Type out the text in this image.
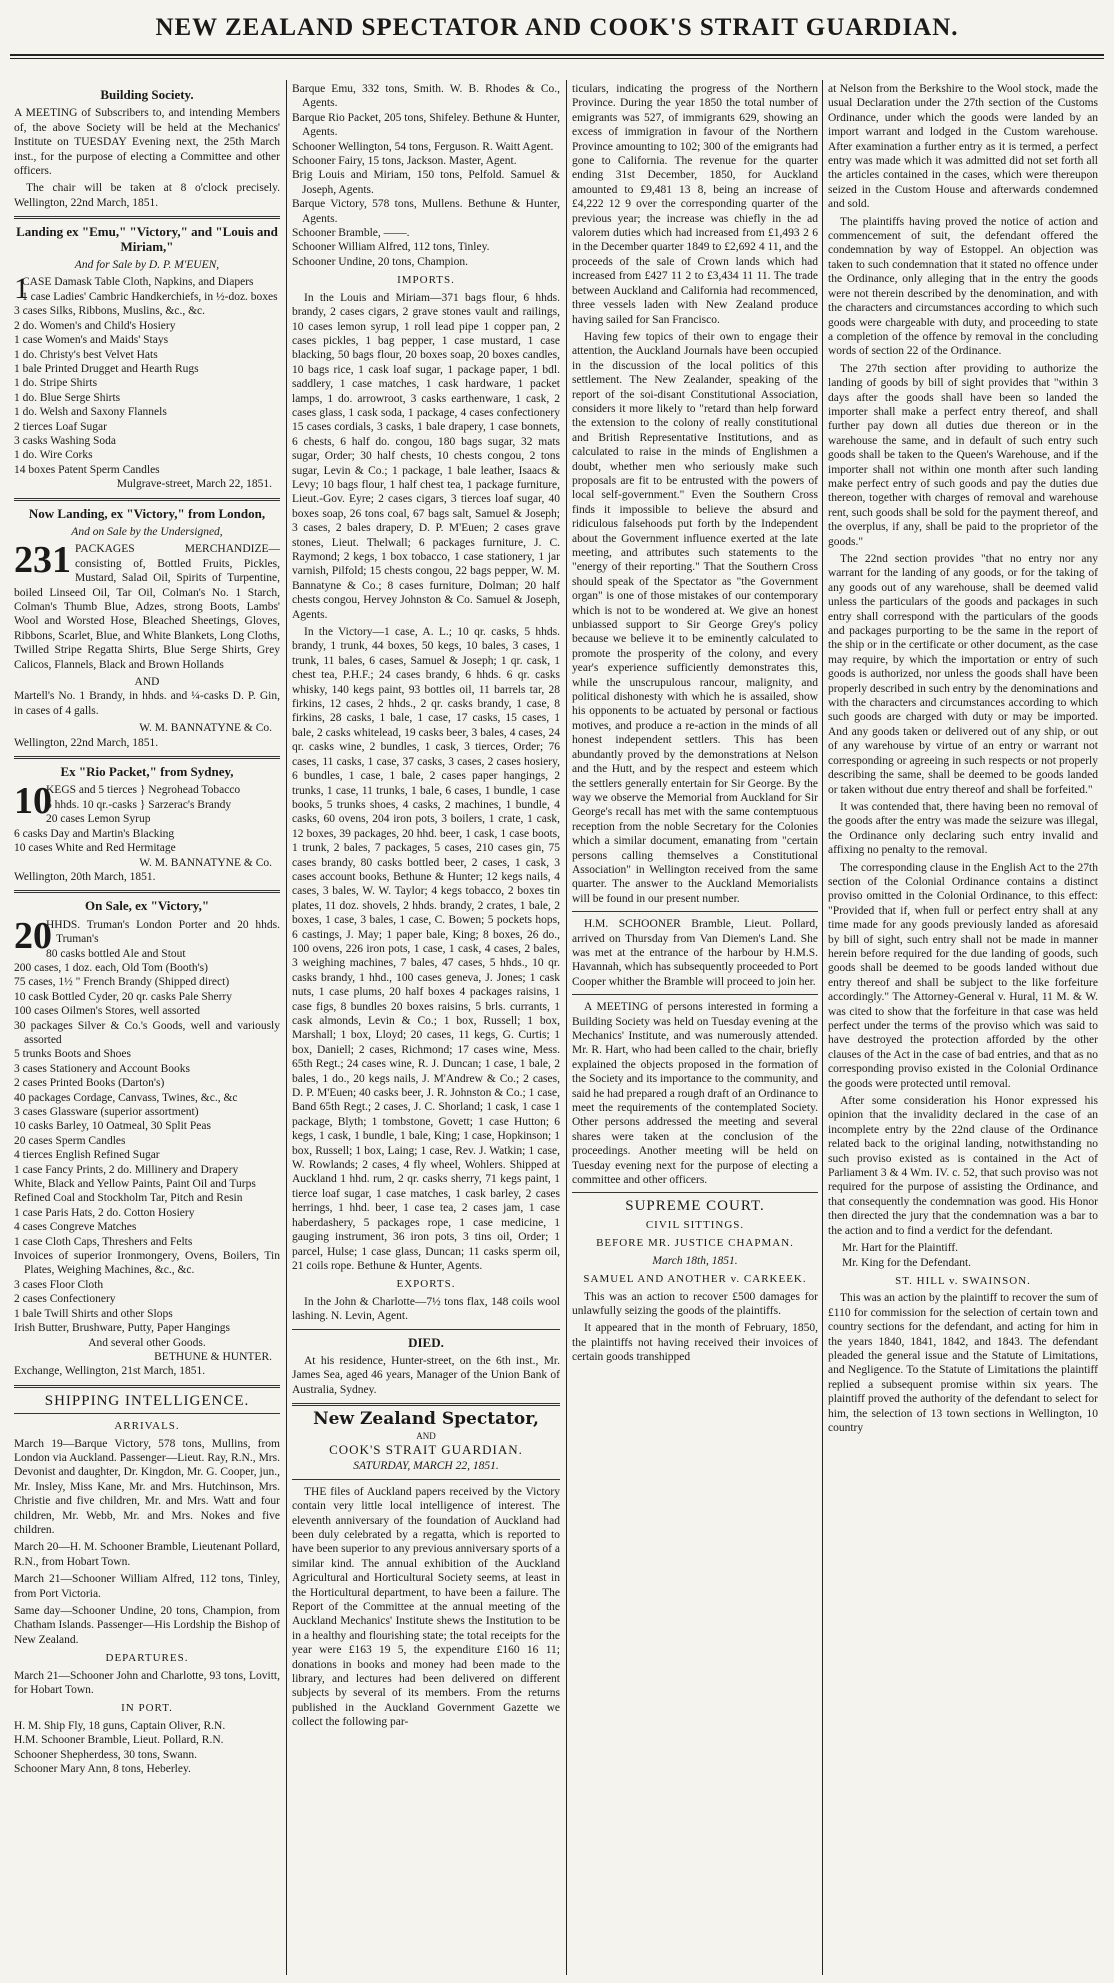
NEW ZEALAND SPECTATOR AND COOK'S STRAIT GUARDIAN.
Building Society.

A MEETING of Subscribers to, and intending Members of, the above Society will be held at the Mechanics' Institute on TUESDAY Evening next, the 25th March inst., for the purpose of electing a Committee and other officers.

The chair will be taken at 8 o'clock precisely. Wellington, 22nd March, 1851.

Landing ex "Emu," "Victory," and "Louis and Miriam,"
And for Sale by D. P. M'EUEN,
1
CASE Damask Table Cloth, Napkins, and Diapers
1 case Ladies' Cambric Handkerchiefs, in ½-doz. boxes
3 cases Silks, Ribbons, Muslins, &c., &c.
2 do. Women's and Child's Hosiery
1 case Women's and Maids' Stays
1 do. Christy's best Velvet Hats
1 bale Printed Drugget and Hearth Rugs
1 do. Stripe Shirts
1 do. Blue Serge Shirts
1 do. Welsh and Saxony Flannels
2 tierces Loaf Sugar
3 casks Washing Soda
1 do. Wire Corks
14 boxes Patent Sperm Candles
Mulgrave-street, March 22, 1851.
Now Landing, ex "Victory," from London,
And on Sale by the Undersigned,

231 PACKAGES MERCHANDIZE— consisting of, Bottled Fruits, Pickles, Mustard, Salad Oil, Spirits of Turpentine, boiled Linseed Oil, Tar Oil, Colman's No. 1 Starch, Colman's Thumb Blue, Adzes, strong Boots, Lambs' Wool and Worsted Hose, Bleached Sheetings, Gloves, Ribbons, Scarlet, Blue, and White Blankets, Long Cloths, Twilled Stripe Regatta Shirts, Blue Serge Shirts, Grey Calicos, Flannels, Black and Brown Hollands

AND

Martell's No. 1 Brandy, in hhds. and ¼-casks D. P. Gin, in cases of 4 galls.

W. M. BANNATYNE & Co.
Wellington, 22nd March, 1851.
Ex "Rio Packet," from Sydney,
10
KEGS and 5 tierces } Negrohead Tobacco
5 hhds. 10 qr.-casks } Sarzerac's Brandy
20 cases Lemon Syrup
6 casks Day and Martin's Blacking
10 cases White and Red Hermitage
W. M. BANNATYNE & Co.
Wellington, 20th March, 1851.
On Sale, ex "Victory,"
20
HHDS. Truman's London Porter and 20 hhds. Truman's
80 casks bottled Ale and Stout
200 cases, 1 doz. each, Old Tom (Booth's)
75 cases, 1½ " French Brandy (Shipped direct)
10 cask Bottled Cyder, 20 qr. casks Pale Sherry
100 cases Oilmen's Stores, well assorted
30 packages Silver & Co.'s Goods, well and variously assorted
5 trunks Boots and Shoes
3 cases Stationery and Account Books
2 cases Printed Books (Darton's)
40 packages Cordage, Canvass, Twines, &c., &c
3 cases Glassware (superior assortment)
10 casks Barley, 10 Oatmeal, 30 Split Peas
20 cases Sperm Candles
4 tierces English Refined Sugar
1 case Fancy Prints, 2 do. Millinery and Drapery
White, Black and Yellow Paints, Paint Oil and Turps
Refined Coal and Stockholm Tar, Pitch and Resin
1 case Paris Hats, 2 do. Cotton Hosiery
4 cases Congreve Matches
1 case Cloth Caps, Threshers and Felts
Invoices of superior Ironmongery, Ovens, Boilers, Tin Plates, Weighing Machines, &c., &c.
3 cases Floor Cloth
2 cases Confectionery
1 bale Twill Shirts and other Slops
Irish Butter, Brushware, Putty, Paper Hangings
And several other Goods.
BETHUNE & HUNTER.
Exchange, Wellington, 21st March, 1851.
SHIPPING INTELLIGENCE.
ARRIVALS.

March 19—Barque Victory, 578 tons, Mullins, from London via Auckland. Passenger—Lieut. Ray, R.N., Mrs. Devonist and daughter, Dr. Kingdon, Mr. G. Cooper, jun., Mr. Insley, Miss Kane, Mr. and Mrs. Hutchinson, Mrs. Christie and five children, Mr. and Mrs. Watt and four children, Mr. Webb, Mr. and Mrs. Nokes and five children.

March 20—H. M. Schooner Bramble, Lieutenant Pollard, R.N., from Hobart Town.

March 21—Schooner William Alfred, 112 tons, Tinley, from Port Victoria.

Same day—Schooner Undine, 20 tons, Champion, from Chatham Islands. Passenger—His Lordship the Bishop of New Zealand.

DEPARTURES.

March 21—Schooner John and Charlotte, 93 tons, Lovitt, for Hobart Town.

IN PORT.
H. M. Ship Fly, 18 guns, Captain Oliver, R.N.
H.M. Schooner Bramble, Lieut. Pollard, R.N.
Schooner Shepherdess, 30 tons, Swann.
Schooner Mary Ann, 8 tons, Heberley.
Barque Emu, 332 tons, Smith. W. B. Rhodes & Co., Agents.
Barque Rio Packet, 205 tons, Shifeley. Bethune & Hunter, Agents.
Schooner Wellington, 54 tons, Ferguson. R. Waitt Agent.
Schooner Fairy, 15 tons, Jackson. Master, Agent.
Brig Louis and Miriam, 150 tons, Pelfold. Samuel & Joseph, Agents.
Barque Victory, 578 tons, Mullens. Bethune & Hunter, Agents.
Schooner Bramble, ——.
Schooner William Alfred, 112 tons, Tinley.
Schooner Undine, 20 tons, Champion.
IMPORTS.

In the Louis and Miriam—371 bags flour, 6 hhds. brandy, 2 cases cigars, 2 grave stones vault and railings, 10 cases lemon syrup, 1 roll lead pipe 1 copper pan, 2 cases pickles, 1 bag pepper, 1 case mustard, 1 case blacking, 50 bags flour, 20 boxes soap, 20 boxes candles, 10 bags rice, 1 cask loaf sugar, 1 package paper, 1 bdl. saddlery, 1 case matches, 1 cask hardware, 1 packet lamps, 1 do. arrowroot, 3 casks earthenware, 1 cask, 2 cases glass, 1 cask soda, 1 package, 4 cases confectionery 15 cases cordials, 3 casks, 1 bale drapery, 1 case bonnets, 6 chests, 6 half do. congou, 180 bags sugar, 32 mats sugar, Order; 30 half chests, 10 chests congou, 2 tons sugar, Levin & Co.; 1 package, 1 bale leather, Isaacs & Levy; 10 bags flour, 1 half chest tea, 1 package furniture, Lieut.-Gov. Eyre; 2 cases cigars, 3 tierces loaf sugar, 40 boxes soap, 26 tons coal, 67 bags salt, Samuel & Joseph; 3 cases, 2 bales drapery, D. P. M'Euen; 2 cases grave stones, Lieut. Thelwall; 6 packages furniture, J. C. Raymond; 2 kegs, 1 box tobacco, 1 case stationery, 1 jar varnish, Pilfold; 15 chests congou, 22 bags pepper, W. M. Bannatyne & Co.; 8 cases furniture, Dolman; 20 half chests congou, Hervey Johnston & Co. Samuel & Joseph, Agents.

In the Victory—1 case, A. L.; 10 qr. casks, 5 hhds. brandy, 1 trunk, 44 boxes, 50 kegs, 10 bales, 3 cases, 1 trunk, 11 bales, 6 cases, Samuel & Joseph; 1 qr. cask, 1 chest tea, P.H.F.; 24 cases brandy, 6 hhds. 6 qr. casks whisky, 140 kegs paint, 93 bottles oil, 11 barrels tar, 28 firkins, 12 cases, 2 hhds., 2 qr. casks brandy, 1 case, 8 firkins, 28 casks, 1 bale, 1 case, 17 casks, 15 cases, 1 bale, 2 casks whitelead, 19 casks beer, 3 bales, 4 cases, 24 qr. casks wine, 2 bundles, 1 cask, 3 tierces, Order; 76 cases, 11 casks, 1 case, 37 casks, 3 cases, 2 cases hosiery, 6 bundles, 1 case, 1 bale, 2 cases paper hangings, 2 trunks, 1 case, 11 trunks, 1 bale, 6 cases, 1 bundle, 1 case books, 5 trunks shoes, 4 casks, 2 machines, 1 bundle, 4 casks, 60 ovens, 204 iron pots, 3 boilers, 1 crate, 1 cask, 12 boxes, 39 packages, 20 hhd. beer, 1 cask, 1 case boots, 1 trunk, 2 bales, 7 packages, 5 cases, 210 cases gin, 75 cases brandy, 80 casks bottled beer, 2 cases, 1 cask, 3 cases account books, Bethune & Hunter; 12 kegs nails, 4 cases, 3 bales, W. W. Taylor; 4 kegs tobacco, 2 boxes tin plates, 11 doz. shovels, 2 hhds. brandy, 2 crates, 1 bale, 2 boxes, 1 case, 3 bales, 1 case, C. Bowen; 5 pockets hops, 6 castings, J. May; 1 paper bale, King; 8 boxes, 26 do., 100 ovens, 226 iron pots, 1 case, 1 cask, 4 cases, 2 bales, 3 weighing machines, 7 bales, 47 cases, 5 hhds., 10 qr. casks brandy, 1 hhd., 100 cases geneva, J. Jones; 1 cask nuts, 1 case plums, 20 half boxes 4 packages raisins, 1 case figs, 8 bundles 20 boxes raisins, 5 brls. currants, 1 cask almonds, Levin & Co.; 1 box, Russell; 1 box, Marshall; 1 box, Lloyd; 20 cases, 11 kegs, G. Curtis; 1 box, Daniell; 2 cases, Richmond; 17 cases wine, Mess. 65th Regt.; 24 cases wine, R. J. Duncan; 1 case, 1 bale, 2 bales, 1 do., 20 kegs nails, J. M'Andrew & Co.; 2 cases, D. P. M'Euen; 40 casks beer, J. R. Johnston & Co.; 1 case, Band 65th Regt.; 2 cases, J. C. Shorland; 1 cask, 1 case 1 package, Blyth; 1 tombstone, Govett; 1 case Hutton; 6 kegs, 1 cask, 1 bundle, 1 bale, King; 1 case, Hopkinson; 1 box, Russell; 1 box, Laing; 1 case, Rev. J. Watkin; 1 case, W. Rowlands; 2 cases, 4 fly wheel, Wohlers. Shipped at Auckland 1 hhd. rum, 2 qr. casks sherry, 71 kegs paint, 1 tierce loaf sugar, 1 case matches, 1 cask barley, 2 cases herrings, 1 hhd. beer, 1 case tea, 2 cases jam, 1 case haberdashery, 5 packages rope, 1 case medicine, 1 gauging instrument, 36 iron pots, 3 tins oil, Order; 1 parcel, Hulse; 1 case glass, Duncan; 11 casks sperm oil, 21 coils rope. Bethune & Hunter, Agents.

EXPORTS.

In the John & Charlotte—7½ tons flax, 148 coils wool lashing. N. Levin, Agent.

DIED.

At his residence, Hunter-street, on the 6th inst., Mr. James Sea, aged 46 years, Manager of the Union Bank of Australia, Sydney.

New Zealand Spectator,
AND
COOK'S STRAIT GUARDIAN.
SATURDAY, MARCH 22, 1851.

THE files of Auckland papers received by the Victory contain very little local intelligence of interest. The eleventh anniversary of the foundation of Auckland had been duly celebrated by a regatta, which is reported to have been superior to any previous anniversary sports of a similar kind. The annual exhibition of the Auckland Agricultural and Horticultural Society seems, at least in the Horticultural department, to have been a failure. The Report of the Committee at the annual meeting of the Auckland Mechanics' Institute shews the Institution to be in a healthy and flourishing state; the total receipts for the year were £163 19 5, the expenditure £160 16 11; donations in books and money had been made to the library, and lectures had been delivered on different subjects by several of its members. From the returns published in the Auckland Government Gazette we collect the following par-

ticulars, indicating the progress of the Northern Province. During the year 1850 the total number of emigrants was 527, of immigrants 629, showing an excess of immigration in favour of the Northern Province amounting to 102; 300 of the emigrants had gone to California. The revenue for the quarter ending 31st December, 1850, for Auckland amounted to £9,481 13 8, being an increase of £4,222 12 9 over the corresponding quarter of the previous year; the increase was chiefly in the ad valorem duties which had increased from £1,493 2 6 in the December quarter 1849 to £2,692 4 11, and the proceeds of the sale of Crown lands which had increased from £427 11 2 to £3,434 11 11. The trade between Auckland and California had recommenced, three vessels laden with New Zealand produce having sailed for San Francisco.

Having few topics of their own to engage their attention, the Auckland Journals have been occupied in the discussion of the local politics of this settlement. The New Zealander, speaking of the report of the soi-disant Constitutional Association, considers it more likely to "retard than help forward the extension to the colony of really constitutional and British Representative Institutions, and as calculated to raise in the minds of Englishmen a doubt, whether men who seriously make such proposals are fit to be entrusted with the powers of local self-government." Even the Southern Cross finds it impossible to believe the absurd and ridiculous falsehoods put forth by the Independent about the Government influence exerted at the late meeting, and attributes such statements to the "energy of their reporting." That the Southern Cross should speak of the Spectator as "the Government organ" is one of those mistakes of our contemporary which is not to be wondered at. We give an honest unbiassed support to Sir George Grey's policy because we believe it to be eminently calculated to promote the prosperity of the colony, and every year's experience sufficiently demonstrates this, while the unscrupulous rancour, malignity, and political dishonesty with which he is assailed, show his opponents to be actuated by personal or factious motives, and produce a re-action in the minds of all honest independent settlers. This has been abundantly proved by the demonstrations at Nelson and the Hutt, and by the respect and esteem which the settlers generally entertain for Sir George. By the way we observe the Memorial from Auckland for Sir George's recall has met with the same contemptuous reception from the noble Secretary for the Colonies which a similar document, emanating from "certain persons calling themselves a Constitutional Association" in Wellington received from the same quarter. The answer to the Auckland Memorialists will be found in our present number.

H.M. SCHOONER Bramble, Lieut. Pollard, arrived on Thursday from Van Diemen's Land. She was met at the entrance of the harbour by H.M.S. Havannah, which has subsequently proceeded to Port Cooper whither the Bramble will proceed to join her.

A MEETING of persons interested in forming a Building Society was held on Tuesday evening at the Mechanics' Institute, and was numerously attended. Mr. R. Hart, who had been called to the chair, briefly explained the objects proposed in the formation of the Society and its importance to the community, and said he had prepared a rough draft of an Ordinance to meet the requirements of the contemplated Society. Other persons addressed the meeting and several shares were taken at the conclusion of the proceedings. Another meeting will be held on Tuesday evening next for the purpose of electing a committee and other officers.

SUPREME COURT.
CIVIL SITTINGS.
BEFORE MR. JUSTICE CHAPMAN.
March 18th, 1851.
SAMUEL AND ANOTHER v. CARKEEK.

This was an action to recover £500 damages for unlawfully seizing the goods of the plaintiffs.

It appeared that in the month of February, 1850, the plaintiffs not having received their invoices of certain goods transhipped

at Nelson from the Berkshire to the Wool stock, made the usual Declaration under the 27th section of the Customs Ordinance, under which the goods were landed by an import warrant and lodged in the Custom warehouse. After examination a further entry as it is termed, a perfect entry was made which it was admitted did not set forth all the articles contained in the cases, which were thereupon seized in the Custom House and afterwards condemned and sold.

The plaintiffs having proved the notice of action and commencement of suit, the defendant offered the condemnation by way of Estoppel. An objection was taken to such condemnation that it stated no offence under the Ordinance, only alleging that in the entry the goods were not therein described by the denomination, and with the characters and circumstances according to which such goods were chargeable with duty, and proceeding to state a completion of the offence by removal in the concluding words of section 22 of the Ordinance.

The 27th section after providing to authorize the landing of goods by bill of sight provides that "within 3 days after the goods shall have been so landed the importer shall make a perfect entry thereof, and shall further pay down all duties due thereon or in the warehouse the same, and in default of such entry such goods shall be taken to the Queen's Warehouse, and if the importer shall not within one month after such landing make perfect entry of such goods and pay the duties due thereon, together with charges of removal and warehouse rent, such goods shall be sold for the payment thereof, and the overplus, if any, shall be paid to the proprietor of the goods."

The 22nd section provides "that no entry nor any warrant for the landing of any goods, or for the taking of any goods out of any warehouse, shall be deemed valid unless the particulars of the goods and packages in such entry shall correspond with the particulars of the goods and packages purporting to be the same in the report of the ship or in the certificate or other document, as the case may require, by which the importation or entry of such goods is authorized, nor unless the goods shall have been properly described in such entry by the denominations and with the characters and circumstances according to which such goods are charged with duty or may be imported. And any goods taken or delivered out of any ship, or out of any warehouse by virtue of an entry or warrant not corresponding or agreeing in such respects or not properly describing the same, shall be deemed to be goods landed or taken without due entry thereof and shall be forfeited."

It was contended that, there having been no removal of the goods after the entry was made the seizure was illegal, the Ordinance only declaring such entry invalid and affixing no penalty to the removal.

The corresponding clause in the English Act to the 27th section of the Colonial Ordinance contains a distinct proviso omitted in the Colonial Ordinance, to this effect: "Provided that if, when full or perfect entry shall at any time made for any goods previously landed as aforesaid by bill of sight, such entry shall not be made in manner herein before required for the due landing of goods, such goods shall be deemed to be goods landed without due entry thereof and shall be subject to the like forfeiture accordingly." The Attorney-General v. Hural, 11 M. & W. was cited to show that the forfeiture in that case was held perfect under the terms of the proviso which was said to have destroyed the protection afforded by the other clauses of the Act in the case of bad entries, and that as no corresponding proviso existed in the Colonial Ordinance the goods were protected until removal.

After some consideration his Honor expressed his opinion that the invalidity declared in the case of an incomplete entry by the 22nd clause of the Ordinance related back to the original landing, notwithstanding no such proviso existed as is contained in the Act of Parliament 3 & 4 Wm. IV. c. 52, that such proviso was not required for the purpose of assisting the Ordinance, and that consequently the condemnation was good. His Honor then directed the jury that the condemnation was a bar to the action and to find a verdict for the defendant.

Mr. Hart for the Plaintiff.
Mr. King for the Defendant.
ST. HILL v. SWAINSON.

This was an action by the plaintiff to recover the sum of £110 for commission for the selection of certain town and country sections for the defendant, and acting for him in the years 1840, 1841, 1842, and 1843. The defendant pleaded the general issue and the Statute of Limitations, and Negligence. To the Statute of Limitations the plaintiff replied a subsequent promise within six years. The plaintiff proved the authority of the defendant to select for him, the selection of 13 town sections in Wellington, 10 country
